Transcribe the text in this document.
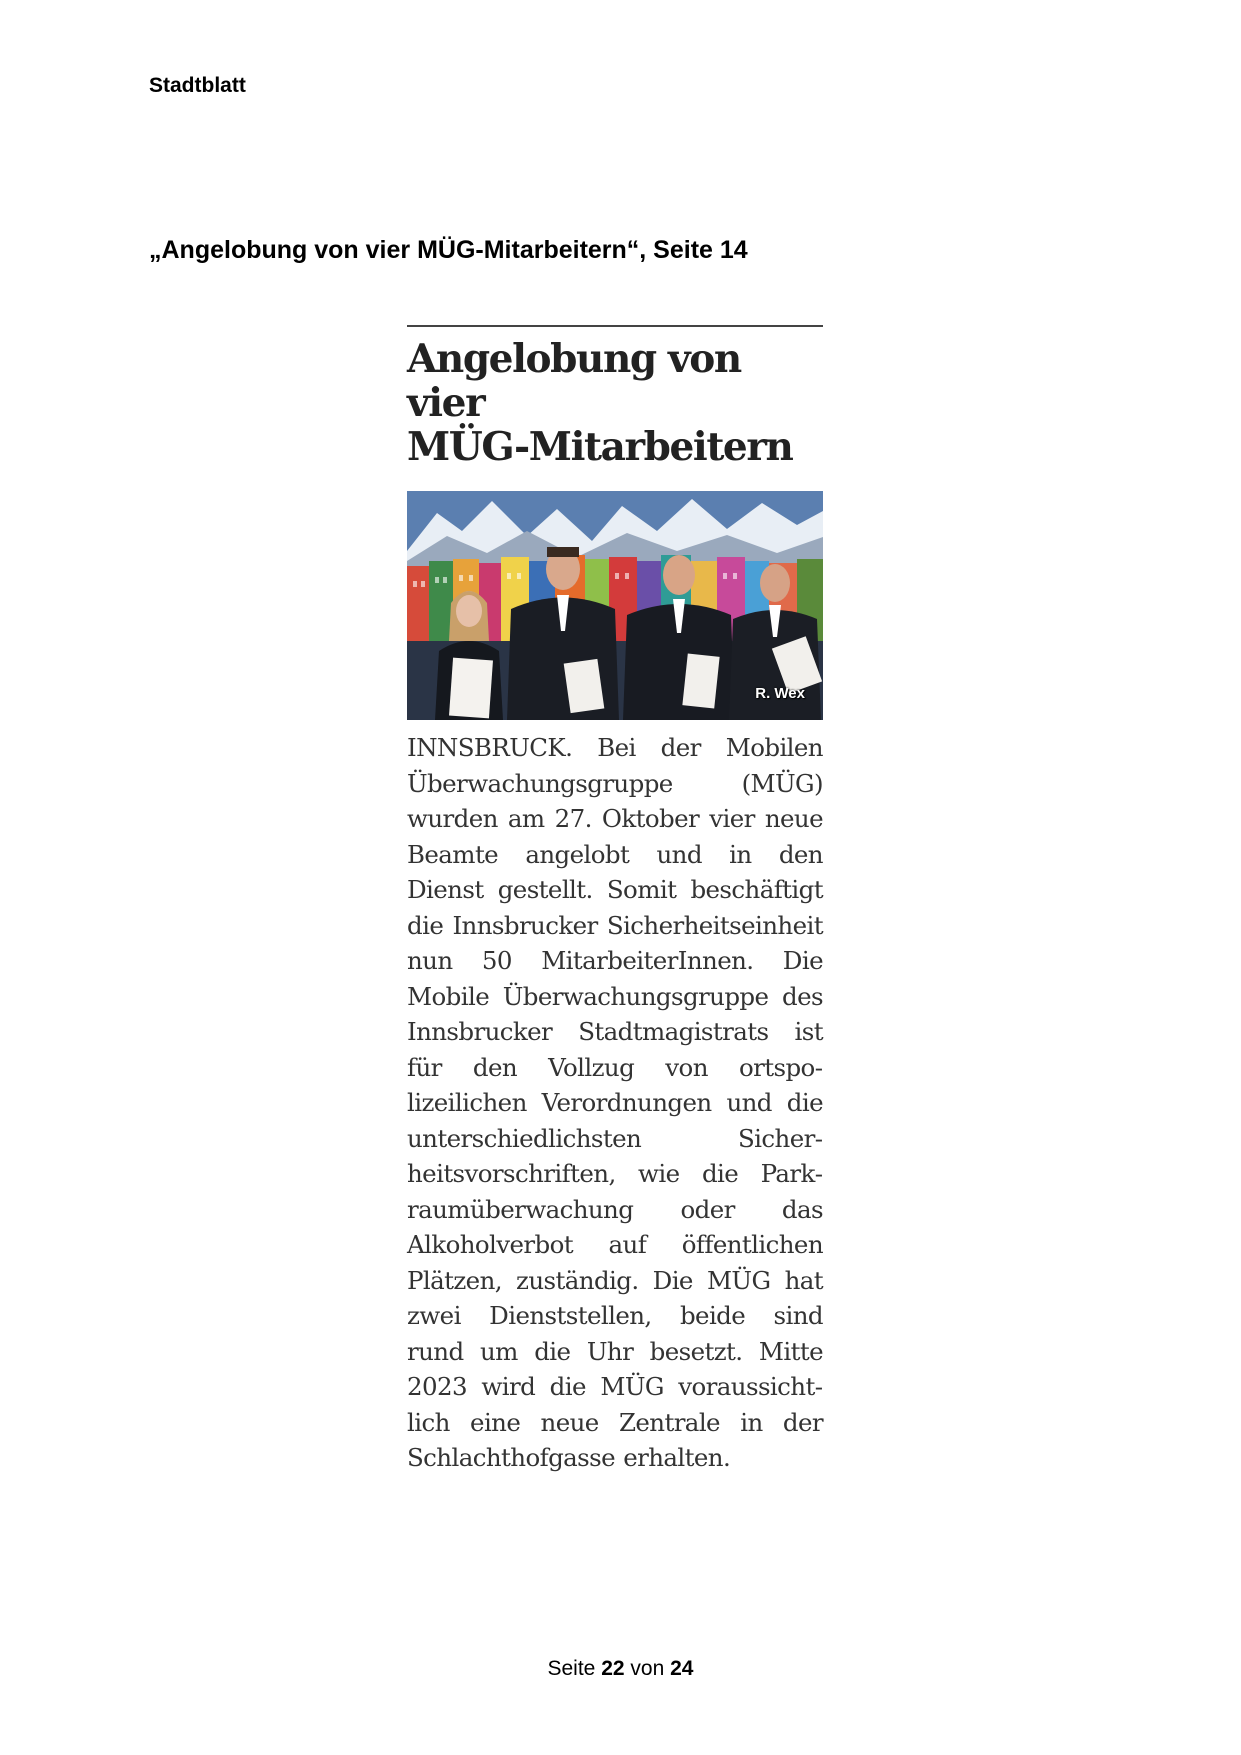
Stadtblatt
„Angelobung von vier MÜG-Mitarbeitern“, Seite 14
Angelobung von vier
MÜG-Mitarbeitern
R. Wex
INNSBRUCK. Bei der Mobilen Überwachungsgruppe (MÜG) wurden am 27. Oktober vier neue Beamte angelobt und in den Dienst gestellt. Somit beschäftigt die Innsbrucker Sicherheitseinheit nun 50 MitarbeiterInnen. Die Mobile Überwachungsgruppe des Innsbrucker Stadtmagistrats ist für den Vollzug von ortspolizeilichen Verordnungen und die unterschiedlichsten Sicherheitsvorschriften, wie die Parkraumüberwachung oder das Alkoholverbot auf öffentlichen Plätzen, zuständig. Die MÜG hat zwei Dienststellen, beide sind rund um die Uhr besetzt. Mitte 2023 wird die MÜG voraussichtlich eine neue Zentrale in der Schlachthofgasse erhalten.
Seite 22 von 24
